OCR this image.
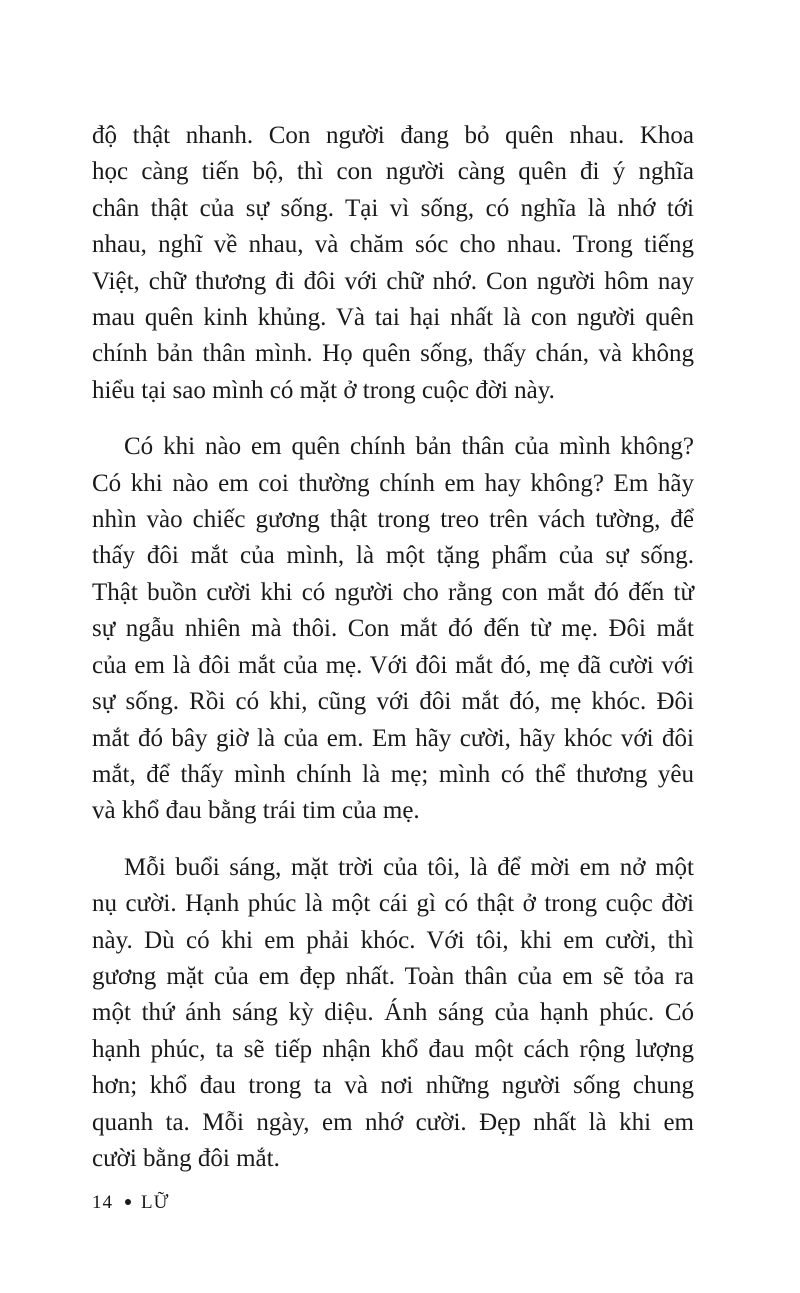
độ thật nhanh. Con người đang bỏ quên nhau. Khoa
học càng tiến bộ, thì con người càng quên đi ý nghĩa
chân thật của sự sống. Tại vì sống, có nghĩa là nhớ tới
nhau, nghĩ về nhau, và chăm sóc cho nhau. Trong tiếng
Việt, chữ thương đi đôi với chữ nhớ. Con người hôm nay
mau quên kinh khủng. Và tai hại nhất là con người quên
chính bản thân mình. Họ quên sống, thấy chán, và không
hiểu tại sao mình có mặt ở trong cuộc đời này.
Có khi nào em quên chính bản thân của mình không?
Có khi nào em coi thường chính em hay không? Em hãy
nhìn vào chiếc gương thật trong treo trên vách tường, để
thấy đôi mắt của mình, là một tặng phẩm của sự sống.
Thật buồn cười khi có người cho rằng con mắt đó đến từ
sự ngẫu nhiên mà thôi. Con mắt đó đến từ mẹ. Đôi mắt
của em là đôi mắt của mẹ. Với đôi mắt đó, mẹ đã cười với
sự sống. Rồi có khi, cũng với đôi mắt đó, mẹ khóc. Đôi
mắt đó bây giờ là của em. Em hãy cười, hãy khóc với đôi
mắt, để thấy mình chính là mẹ; mình có thể thương yêu
và khổ đau bằng trái tim của mẹ.
Mỗi buổi sáng, mặt trời của tôi, là để mời em nở một
nụ cười. Hạnh phúc là một cái gì có thật ở trong cuộc đời
này. Dù có khi em phải khóc. Với tôi, khi em cười, thì
gương mặt của em đẹp nhất. Toàn thân của em sẽ tỏa ra
một thứ ánh sáng kỳ diệu. Ánh sáng của hạnh phúc. Có
hạnh phúc, ta sẽ tiếp nhận khổ đau một cách rộng lượng
hơn; khổ đau trong ta và nơi những người sống chung
quanh ta. Mỗi ngày, em nhớ cười. Đẹp nhất là khi em
cười bằng đôi mắt.
14 LỮ
